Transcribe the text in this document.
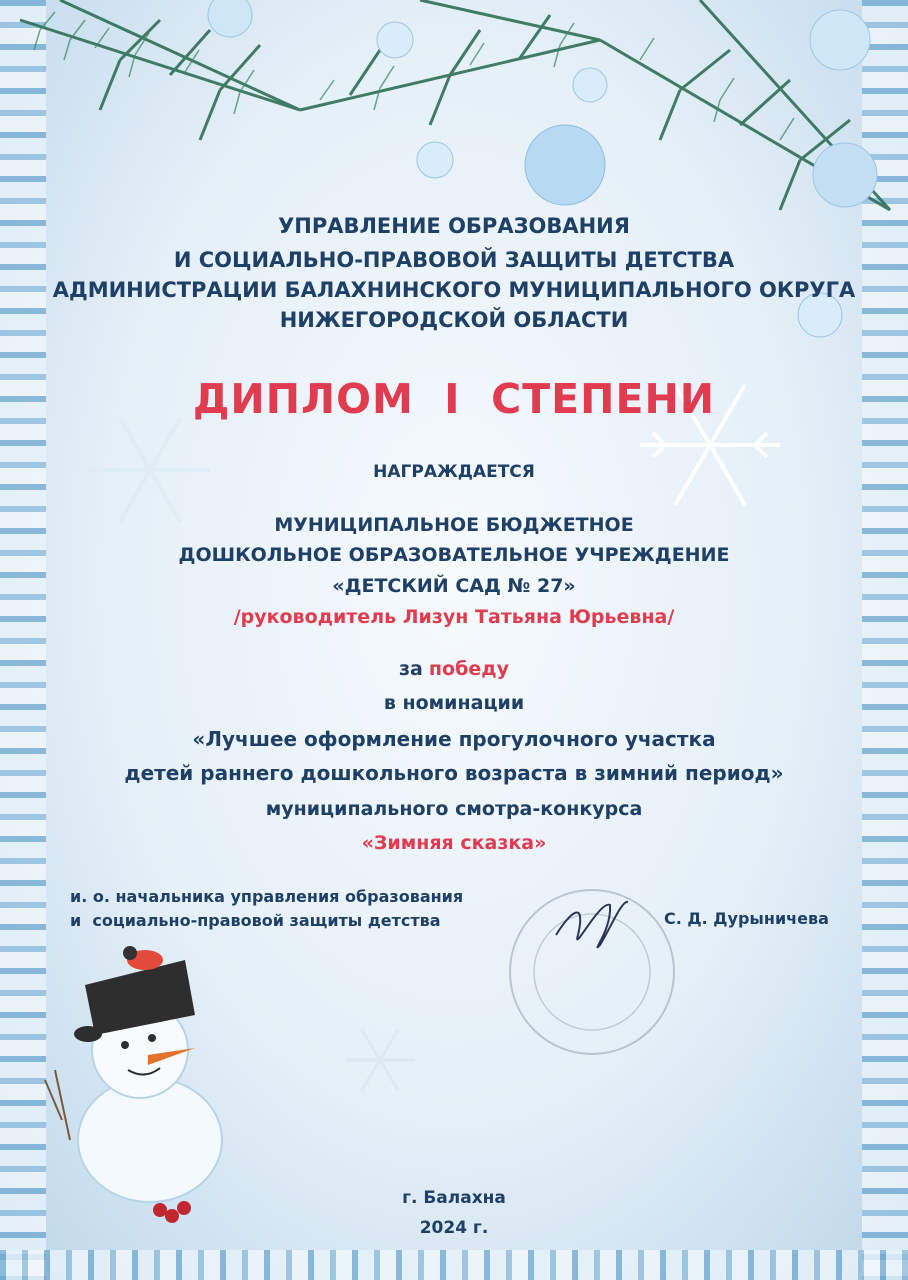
УПРАВЛЕНИЕ ОБРАЗОВАНИЯ
И СОЦИАЛЬНО-ПРАВОВОЙ ЗАЩИТЫ ДЕТСТВА
АДМИНИСТРАЦИИ БАЛАХНИНСКОГО МУНИЦИПАЛЬНОГО ОКРУГА
НИЖЕГОРОДСКОЙ ОБЛАСТИ
ДИПЛОМ  I  СТЕПЕНИ
НАГРАЖДАЕТСЯ
МУНИЦИПАЛЬНОЕ БЮДЖЕТНОЕ
ДОШКОЛЬНОЕ ОБРАЗОВАТЕЛЬНОЕ УЧРЕЖДЕНИЕ
«ДЕТСКИЙ САД № 27»
/руководитель Лизун Татьяна Юрьевна/
за победу
в номинации
«Лучшее оформление прогулочного участка
детей раннего дошкольного возраста в зимний период»
муниципального смотра-конкурса
«Зимняя сказка»
и. о. начальника управления образования
и  социально-правовой защиты детства	С. Д. Дурыничева
г. Балахна
2024 г.
